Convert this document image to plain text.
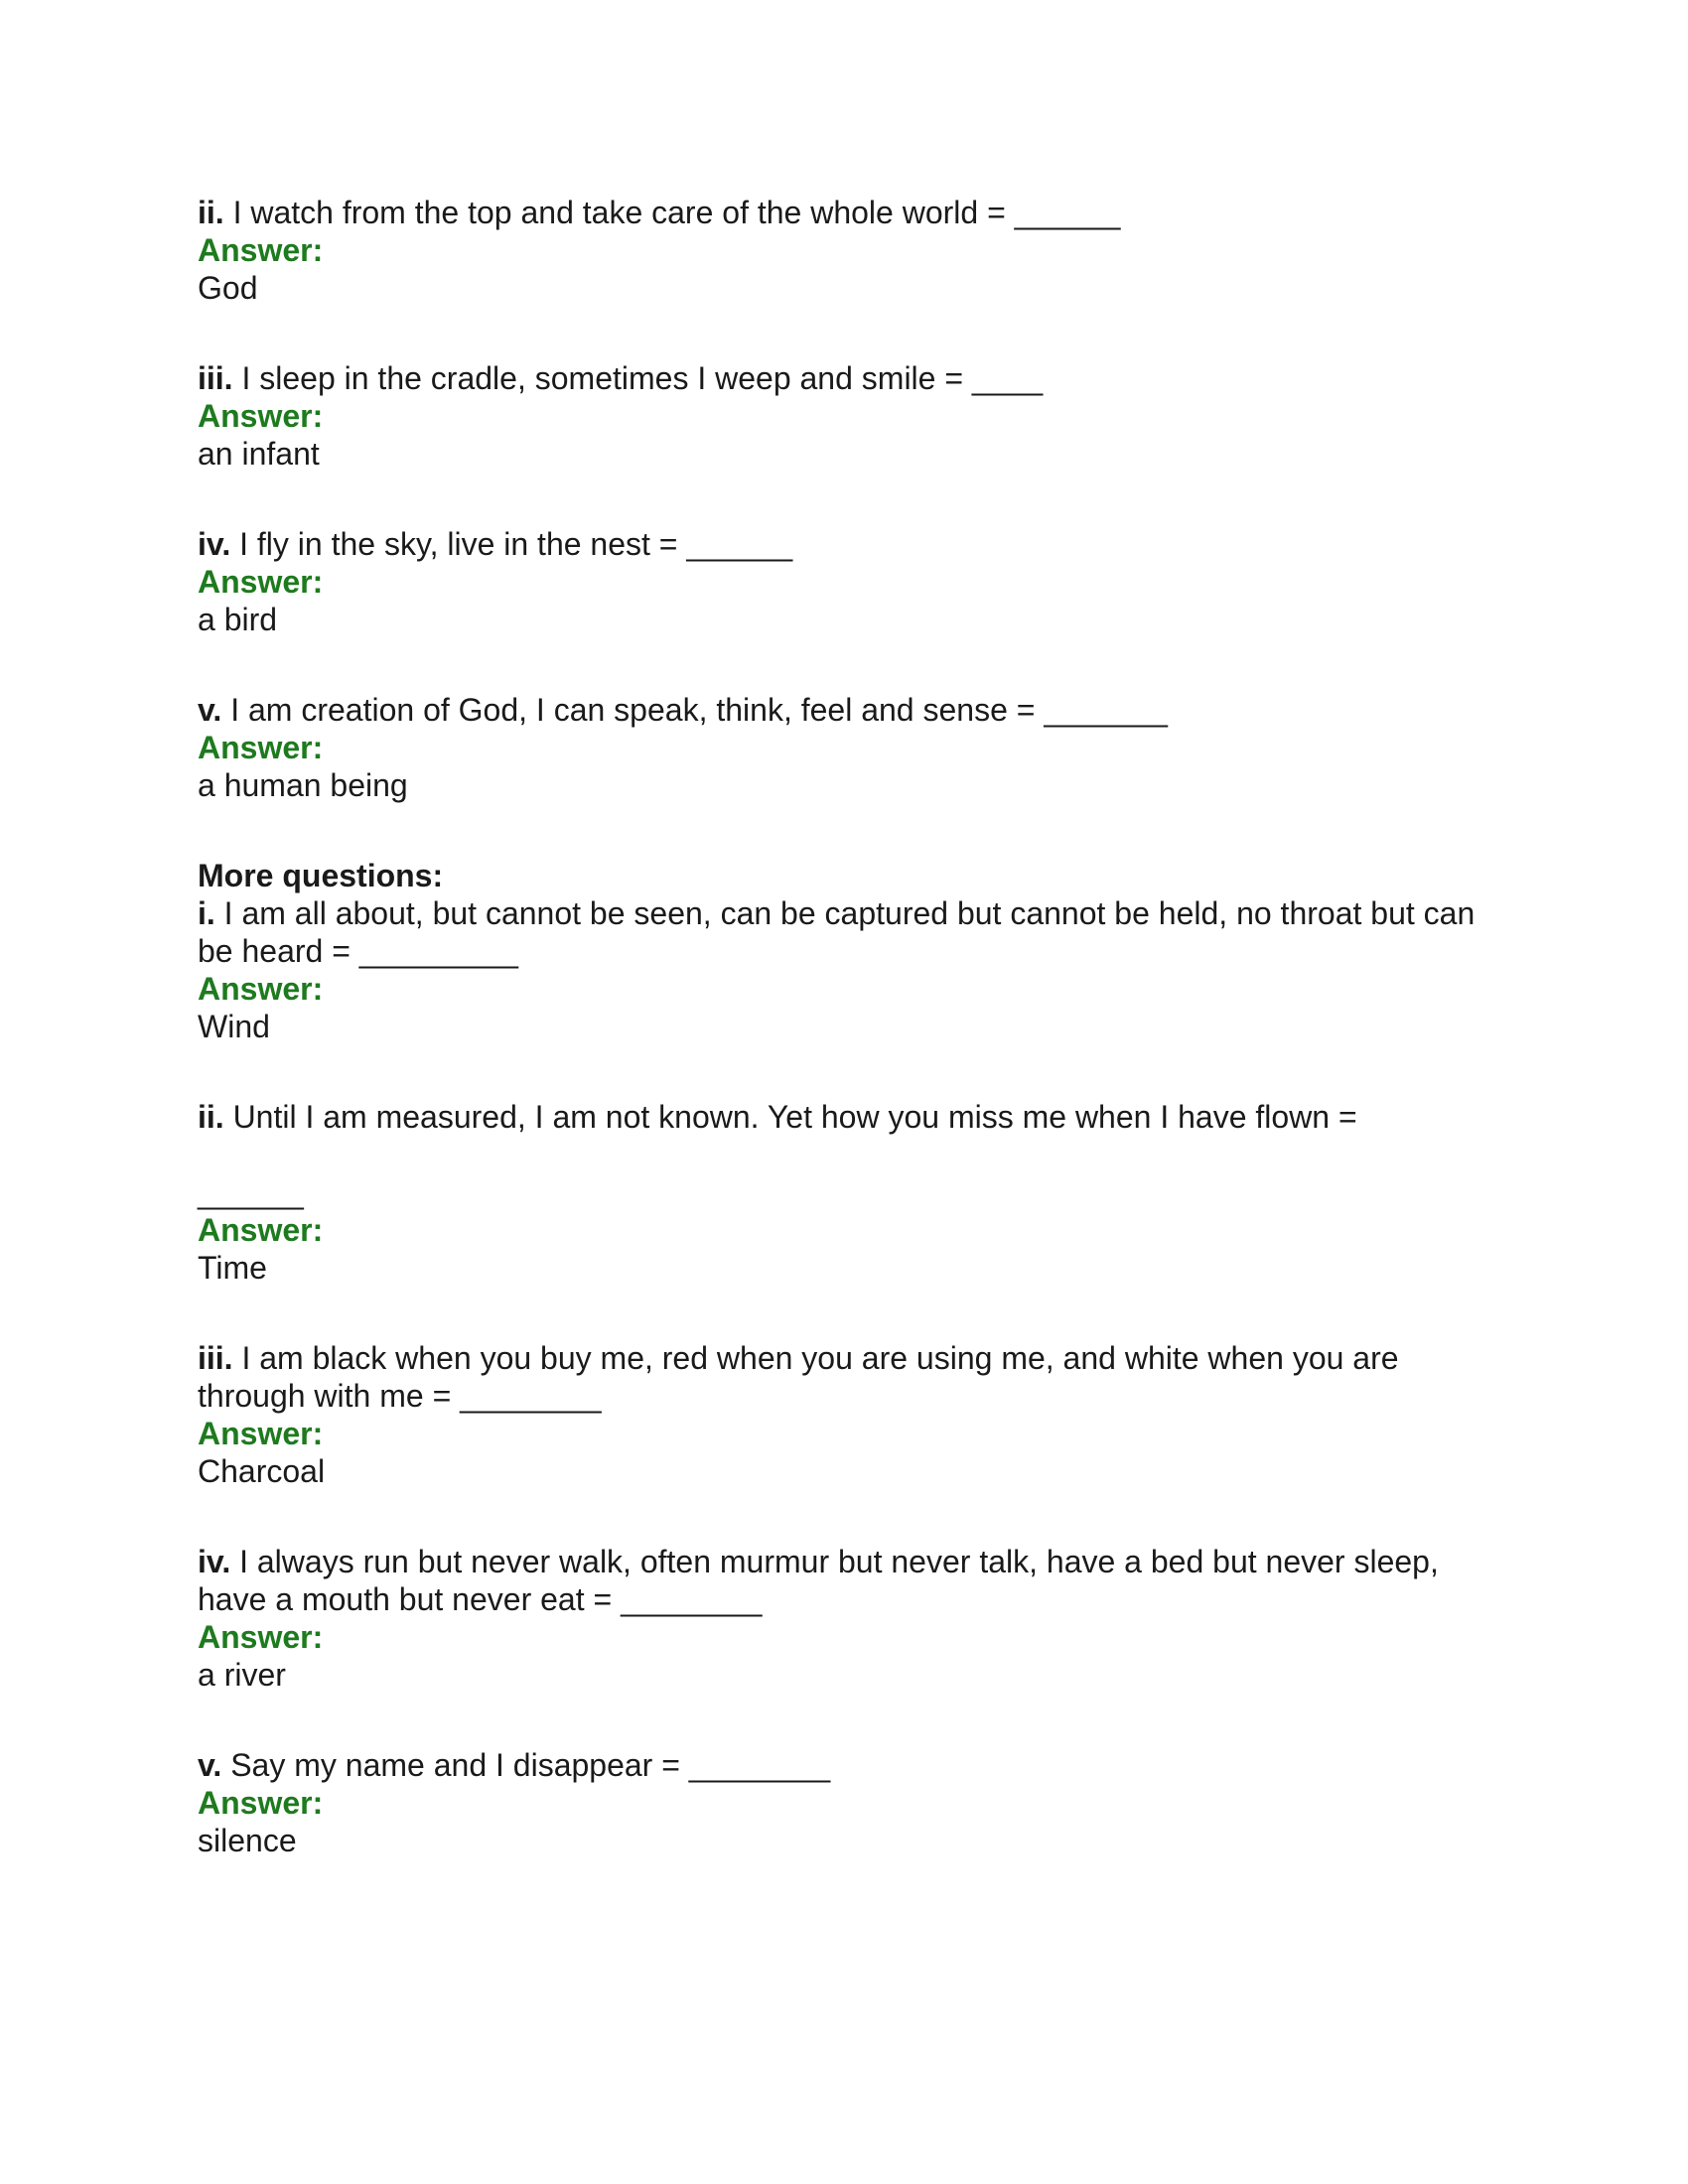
ii. I watch from the top and take care of the whole world = ______

Answer:

God

iii. I sleep in the cradle, sometimes I weep and smile = ____

Answer:

an infant

iv. I fly in the sky, live in the nest = ______

Answer:

a bird

v. I am creation of God, I can speak, think, feel and sense = _______

Answer:

a human being

More questions:

i. I am all about, but cannot be seen, can be captured but cannot be held, no throat but can be heard = _________

Answer:

Wind

ii. Until I am measured, I am not known. Yet how you miss me when I have flown =

______

Answer:

Time

iii. I am black when you buy me, red when you are using me, and white when you are through with me = ________

Answer:

Charcoal

iv. I always run but never walk, often murmur but never talk, have a bed but never sleep, have a mouth but never eat = ________

Answer:

a river

v. Say my name and I disappear = ________

Answer:

silence
